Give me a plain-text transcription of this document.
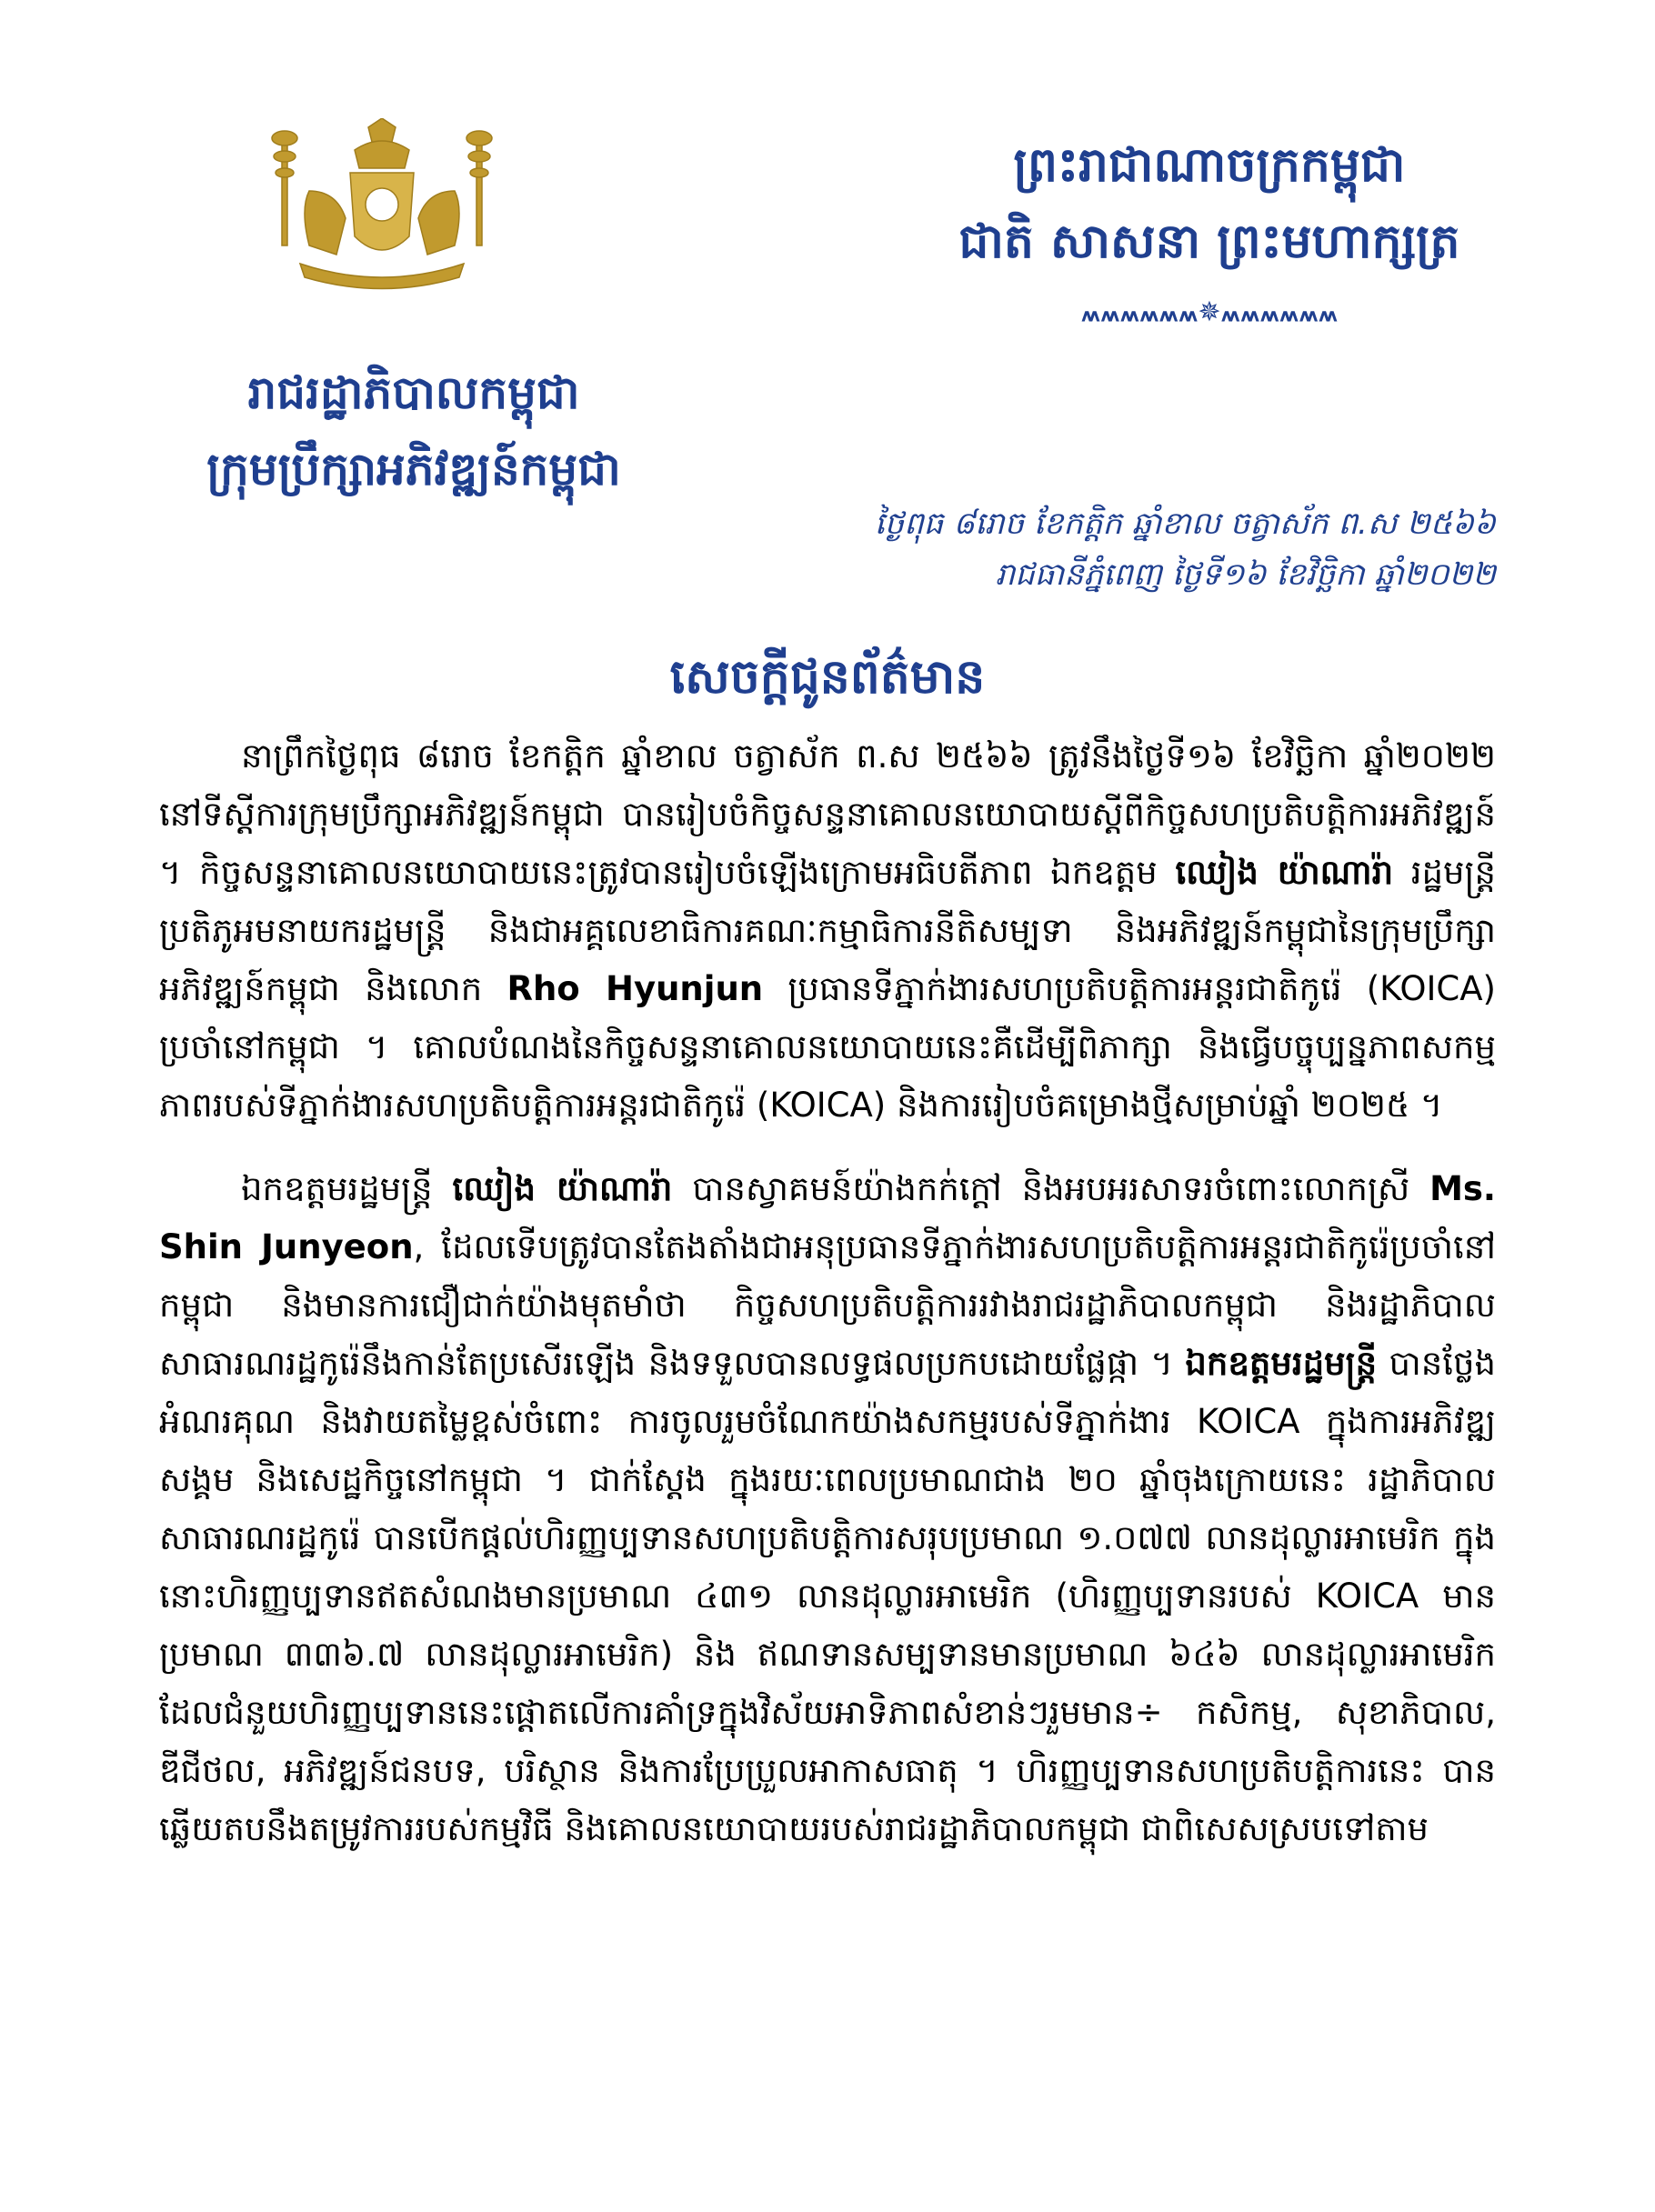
ព្រះរាជាណាចក្រកម្ពុជា
ជាតិ សាសនា ព្រះមហាក្សត្រ
៳៳៳៳៳៳✵៳៳៳៳៳៳
រាជរដ្ឋាភិបាលកម្ពុជា
ក្រុមប្រឹក្សាអភិវឌ្ឍន៍កម្ពុជា
ថ្ងៃពុធ ៨រោច ខែកត្តិក ឆ្នាំខាល ចត្វាស័ក ព.ស ២៥៦៦
រាជធានីភ្នំពេញ ថ្ងៃទី១៦ ខែវិច្ឆិកា ឆ្នាំ២០២២
សេចក្តីជូនព័ត៌មាន

នាព្រឹកថ្ងៃពុធ ៨រោច ខែកត្តិក ឆ្នាំខាល ចត្វាស័ក ព.ស ២៥៦៦ ត្រូវនឹងថ្ងៃទី១៦ ខែវិច្ឆិកា ឆ្នាំ២០២២ នៅទីស្តីការក្រុមប្រឹក្សាអភិវឌ្ឍន៍កម្ពុជា បានរៀបចំកិច្ចសន្ទនាគោលនយោបាយស្តីពីកិច្ចសហប្រតិបត្តិការអភិវឌ្ឍន៍ ។ កិច្ចសន្ទនាគោលនយោបាយនេះត្រូវបានរៀបចំឡើងក្រោមអធិបតីភាព ឯកឧត្តម ឈៀង យ៉ាណារ៉ា រដ្ឋមន្ត្រីប្រតិភូអមនាយករដ្ឋមន្ត្រី និងជាអគ្គលេខាធិការគណៈកម្មាធិការនីតិសម្បទា និងអភិវឌ្ឍន៍កម្ពុជានៃក្រុមប្រឹក្សាអភិវឌ្ឍន៍កម្ពុជា និងលោក Rho Hyunjun ប្រធានទីភ្នាក់ងារសហប្រតិបត្តិការអន្តរជាតិកូរ៉េ (KOICA) ប្រចាំនៅកម្ពុជា ។ គោលបំណងនៃកិច្ចសន្ទនាគោលនយោបាយនេះគឺដើម្បីពិភាក្សា និងធ្វើបច្ចុប្បន្នភាពសកម្មភាពរបស់ទីភ្នាក់ងារសហប្រតិបត្តិការអន្តរជាតិកូរ៉េ (KOICA) និងការរៀបចំគម្រោងថ្មីសម្រាប់ឆ្នាំ ២០២៥ ។

ឯកឧត្តមរដ្ឋមន្ត្រី ឈៀង យ៉ាណារ៉ា បានស្វាគមន៍យ៉ាងកក់ក្តៅ និងអបអរសាទរចំពោះលោកស្រី Ms. Shin Junyeon, ដែលទើបត្រូវបានតែងតាំងជាអនុប្រធានទីភ្នាក់ងារសហប្រតិបត្តិការអន្តរជាតិកូរ៉េប្រចាំនៅកម្ពុជា និងមានការជឿជាក់យ៉ាងមុតមាំថា កិច្ចសហប្រតិបត្តិការរវាងរាជរដ្ឋាភិបាលកម្ពុជា និងរដ្ឋាភិបាលសាធារណរដ្ឋកូរ៉េនឹងកាន់តែប្រសើរឡើង និងទទួលបានលទ្ធផលប្រកបដោយផ្លែផ្កា ។ ឯកឧត្តមរដ្ឋមន្ត្រី បានថ្លែងអំណរគុណ និងវាយតម្លៃខ្ពស់ចំពោះ ការចូលរួមចំណែកយ៉ាងសកម្មរបស់ទីភ្នាក់ងារ KOICA ក្នុងការអភិវឌ្ឍសង្គម និងសេដ្ឋកិច្ចនៅកម្ពុជា ។ ជាក់ស្តែង ក្នុងរយៈពេលប្រមាណជាង ២០ ឆ្នាំចុងក្រោយនេះ រដ្ឋាភិបាលសាធារណរដ្ឋកូរ៉េ បានបើកផ្តល់ហិរញ្ញប្បទានសហប្រតិបត្តិការសរុបប្រមាណ ១.០៧៧ លានដុល្លារអាមេរិក ក្នុងនោះហិរញ្ញប្បទានឥតសំណងមានប្រមាណ ៤៣១ លានដុល្លារអាមេរិក (ហិរញ្ញប្បទានរបស់ KOICA មានប្រមាណ ៣៣៦.៧ លានដុល្លារអាមេរិក) និង ឥណទានសម្បទានមានប្រមាណ ៦៤៦ លានដុល្លារអាមេរិក ដែលជំនួយហិរញ្ញប្បទាននេះផ្តោតលើការគាំទ្រក្នុងវិស័យអាទិភាពសំខាន់ៗរួមមាន÷ កសិកម្ម, សុខាភិបាល, ឌីជីថល, អភិវឌ្ឍន៍ជនបទ, បរិស្ថាន និងការប្រែប្រួលអាកាសធាតុ ។ ហិរញ្ញប្បទានសហប្រតិបត្តិការនេះ បានឆ្លើយតបនឹងតម្រូវការរបស់កម្មវិធី និងគោលនយោបាយរបស់រាជរដ្ឋាភិបាលកម្ពុជា ជាពិសេសស្របទៅតាម
